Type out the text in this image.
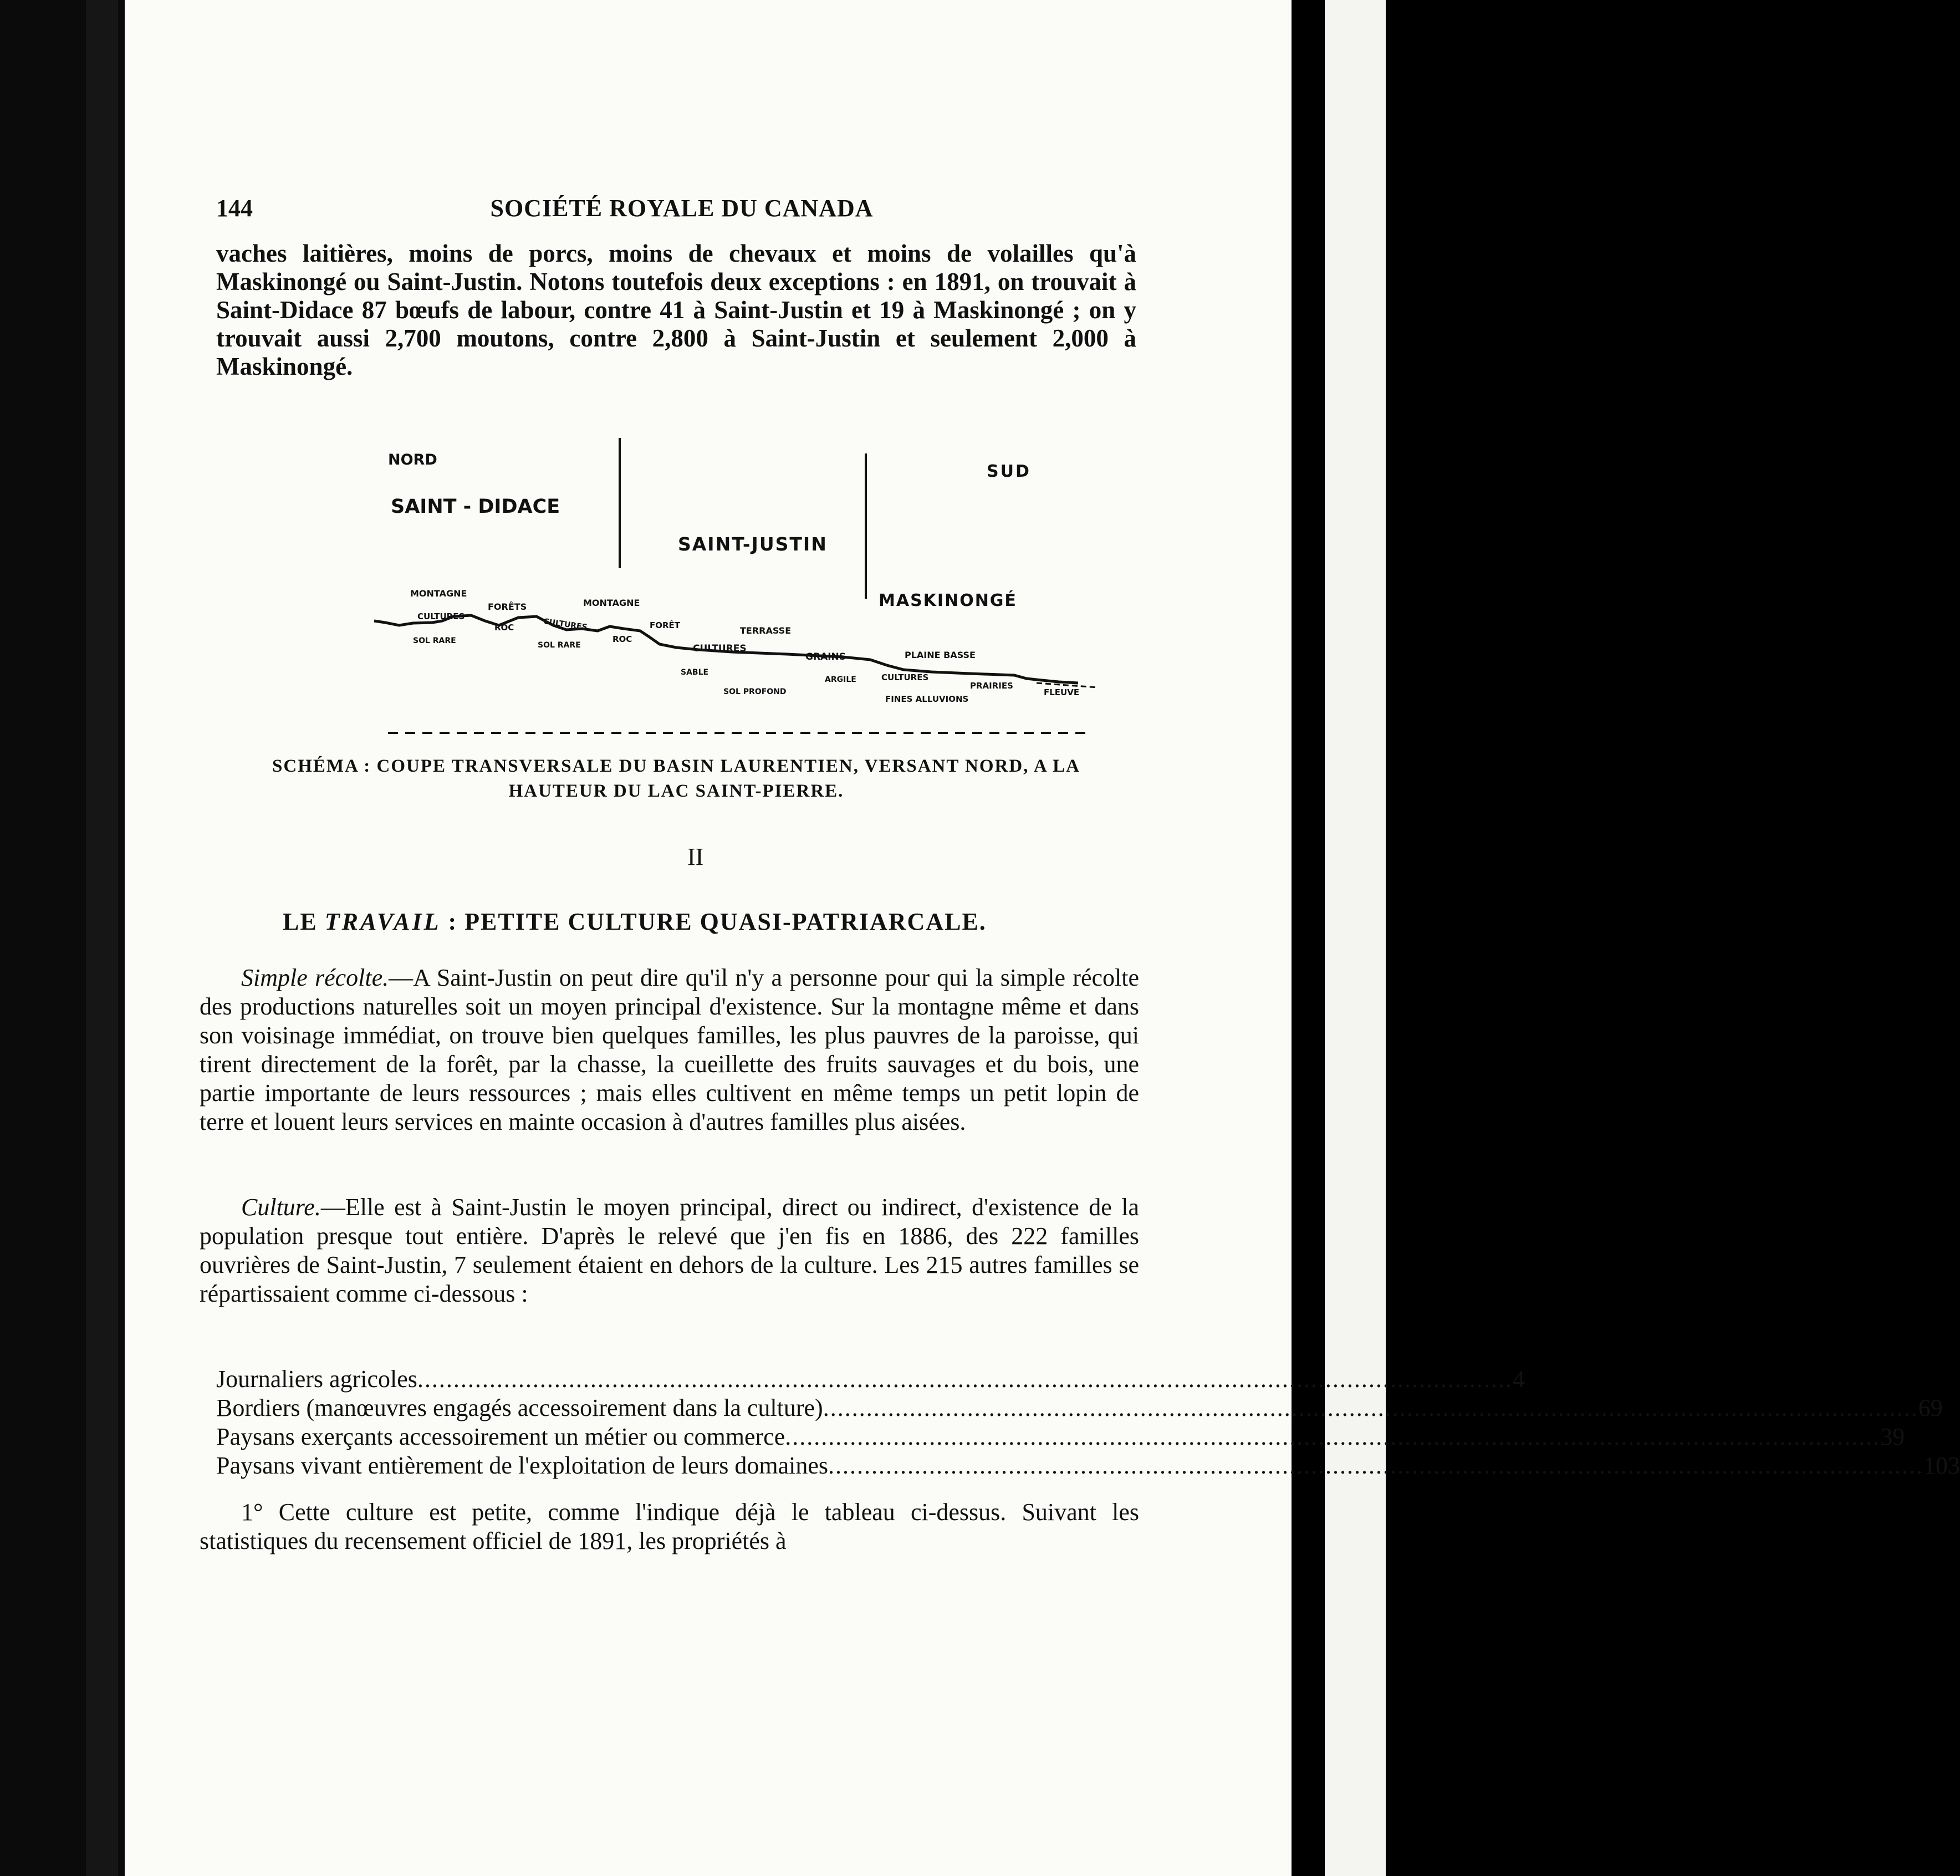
144	SOCIÉTÉ ROYALE DU CANADA

vaches laitières, moins de porcs, moins de chevaux et moins de volailles qu'à Maskinongé ou Saint-Justin. Notons toutefois deux exceptions : en 1891, on trouvait à Saint-Didace 87 bœufs de labour, contre 41 à Saint-Justin et 19 à Maskinongé ; on y trouvait aussi 2,700 moutons, contre 2,800 à Saint-Justin et seulement 2,000 à Maskinongé.

NORD
SUD
SAINT - DIDACE
SAINT-JUSTIN
MASKINONGÉ
MONTAGNE
FORÊTS	MONTAGNE
CULTURES
ROC	CULTURES
SOL RARE	SOL RARE
ROC
FORÊT	TERRASSE
CULTURES
GRAINS
SABLE
ARGILE
SOL PROFOND
PLAINE BASSE
CULTURES
PRAIRIES
FLEUVE
FINES ALLUVIONS
SCHÉMA : COUPE TRANSVERSALE DU BASIN LAURENTIEN, VERSANT NORD, A LA
HAUTEUR DU LAC SAINT-PIERRE.
II
LE TRAVAIL : PETITE CULTURE QUASI-PATRIARCALE.

Simple récolte.—A Saint-Justin on peut dire qu'il n'y a personne pour qui la simple récolte des productions naturelles soit un moyen principal d'existence. Sur la montagne même et dans son voisinage immédiat, on trouve bien quelques familles, les plus pauvres de la paroisse, qui tirent directement de la forêt, par la chasse, la cueillette des fruits sauvages et du bois, une partie importante de leurs ressources ; mais elles cultivent en même temps un petit lopin de terre et louent leurs services en mainte occasion à d'autres familles plus aisées.

Culture.—Elle est à Saint-Justin le moyen principal, direct ou indirect, d'existence de la population presque tout entière. D'après le relevé que j'en fis en 1886, des 222 familles ouvrières de Saint-Justin, 7 seulement étaient en dehors de la culture. Les 215 autres familles se répartissaient comme ci-dessous :

Journaliers agricoles ........................................................................................................................................................ 4
Bordiers (manœuvres engagés accessoirement dans la culture) ........................................................................................................................................................ 69
Paysans exerçants accessoirement un métier ou commerce ........................................................................................................................................................ 39
Paysans vivant entièrement de l'exploitation de leurs domaines ........................................................................................................................................................ 103

1° Cette culture est petite, comme l'indique déjà le tableau ci-dessus. Suivant les statistiques du recensement officiel de 1891, les propriétés à
